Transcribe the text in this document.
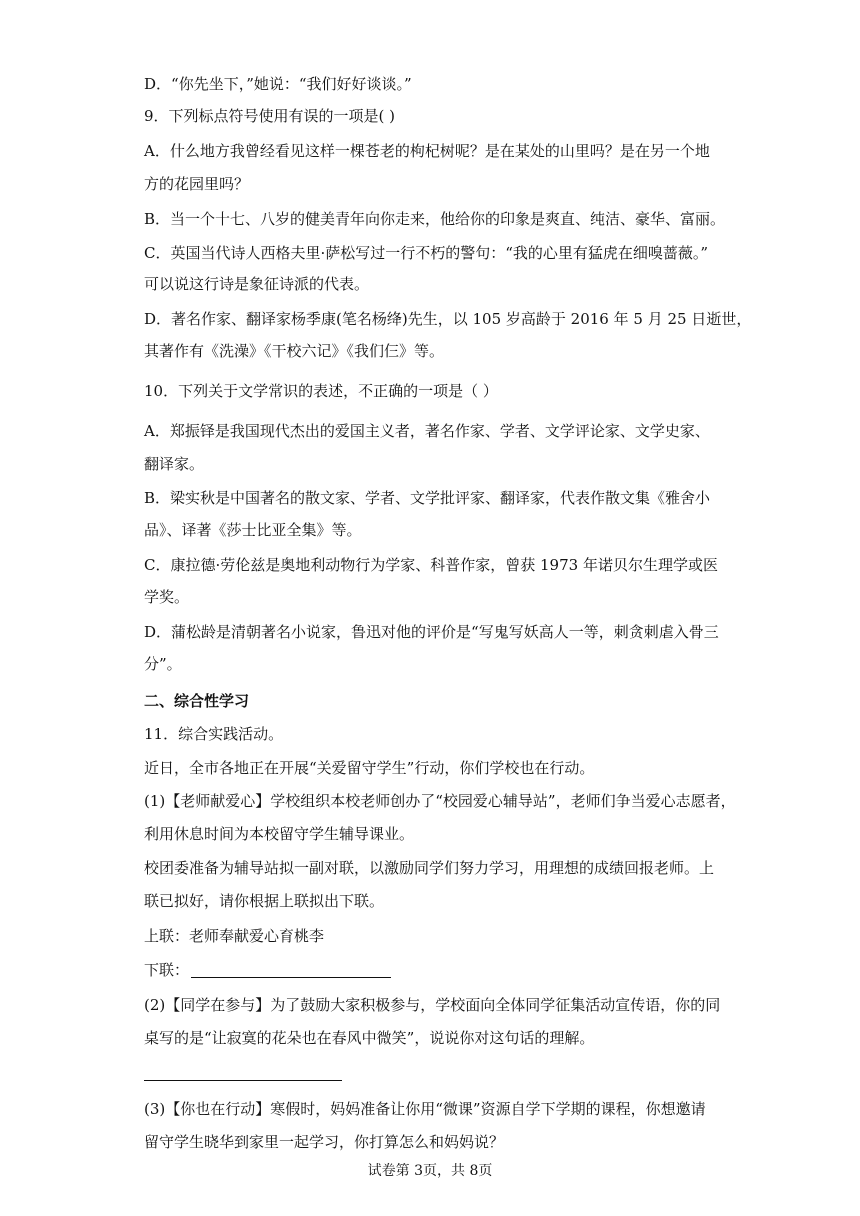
D．“你先坐下，”她说：“我们好好谈谈。”
9．下列标点符号使用有误的一项是( )
A．什么地方我曾经看见这样一棵苍老的枸杞树呢？是在某处的山里吗？是在另一个地
方的花园里吗？
B．当一个十七、八岁的健美青年向你走来，他给你的印象是爽直、纯洁、豪华、富丽。
C．英国当代诗人西格夫里·萨松写过一行不朽的警句：“我的心里有猛虎在细嗅蔷薇。”
可以说这行诗是象征诗派的代表。
D．著名作家、翻译家杨季康(笔名杨绛)先生，以 105 岁高龄于 2016 年 5 月 25 日逝世，
其著作有《洗澡》《干校六记》《我们仨》等。
10．下列关于文学常识的表述，不正确的一项是（ ）
A．郑振铎是我国现代杰出的爱国主义者，著名作家、学者、文学评论家、文学史家、
翻译家。
B．梁实秋是中国著名的散文家、学者、文学批评家、翻译家，代表作散文集《雅舍小
品》、译著《莎士比亚全集》等。
C．康拉德·劳伦兹是奥地利动物行为学家、科普作家，曾获 1973 年诺贝尔生理学或医
学奖。
D．蒲松龄是清朝著名小说家，鲁迅对他的评价是“写鬼写妖高人一等，刺贪刺虐入骨三
分”。
二、综合性学习
11．综合实践活动。
近日，全市各地正在开展“关爱留守学生”行动，你们学校也在行动。
(1)【老师献爱心】学校组织本校老师创办了“校园爱心辅导站”，老师们争当爱心志愿者，
利用休息时间为本校留守学生辅导课业。
校团委准备为辅导站拟一副对联，以激励同学们努力学习，用理想的成绩回报老师。上
联已拟好，请你根据上联拟出下联。
上联：老师奉献爱心育桃李
下联：
(2)【同学在参与】为了鼓励大家积极参与，学校面向全体同学征集活动宣传语，你的同
桌写的是“让寂寞的花朵也在春风中微笑”，说说你对这句话的理解。
(3)【你也在行动】寒假时，妈妈准备让你用“微课”资源自学下学期的课程，你想邀请
留守学生晓华到家里一起学习，你打算怎么和妈妈说？
试卷第 3页，共 8页
